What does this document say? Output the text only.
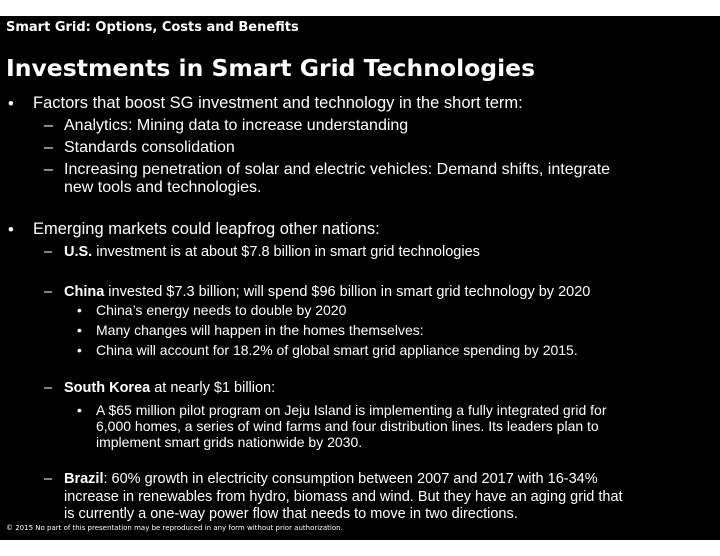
Smart Grid: Options, Costs and Benefits
Investments in Smart Grid Technologies
• Factors that boost SG investment and technology in the short term:
– Analytics: Mining data to increase understanding
– Standards consolidation
– Increasing penetration of solar and electric vehicles: Demand shifts, integrate
new tools and technologies.
• Emerging markets could leapfrog other nations:
– U.S. investment is at about $7.8 billion in smart grid technologies
– China invested $7.3 billion; will spend $96 billion in smart grid technology by 2020
• China’s energy needs to double by 2020
• Many changes will happen in the homes themselves:
• China will account for 18.2% of global smart grid appliance spending by 2015.
– South Korea at nearly $1 billion:
• A $65 million pilot program on Jeju Island is implementing a fully integrated grid for
6,000 homes, a series of wind farms and four distribution lines. Its leaders plan to
implement smart grids nationwide by 2030.
– Brazil: 60% growth in electricity consumption between 2007 and 2017 with 16-34%
increase in renewables from hydro, biomass and wind. But they have an aging grid that
is currently a one-way power flow that needs to move in two directions.
© 2015 No part of this presentation may be reproduced in any form without prior authorization.
